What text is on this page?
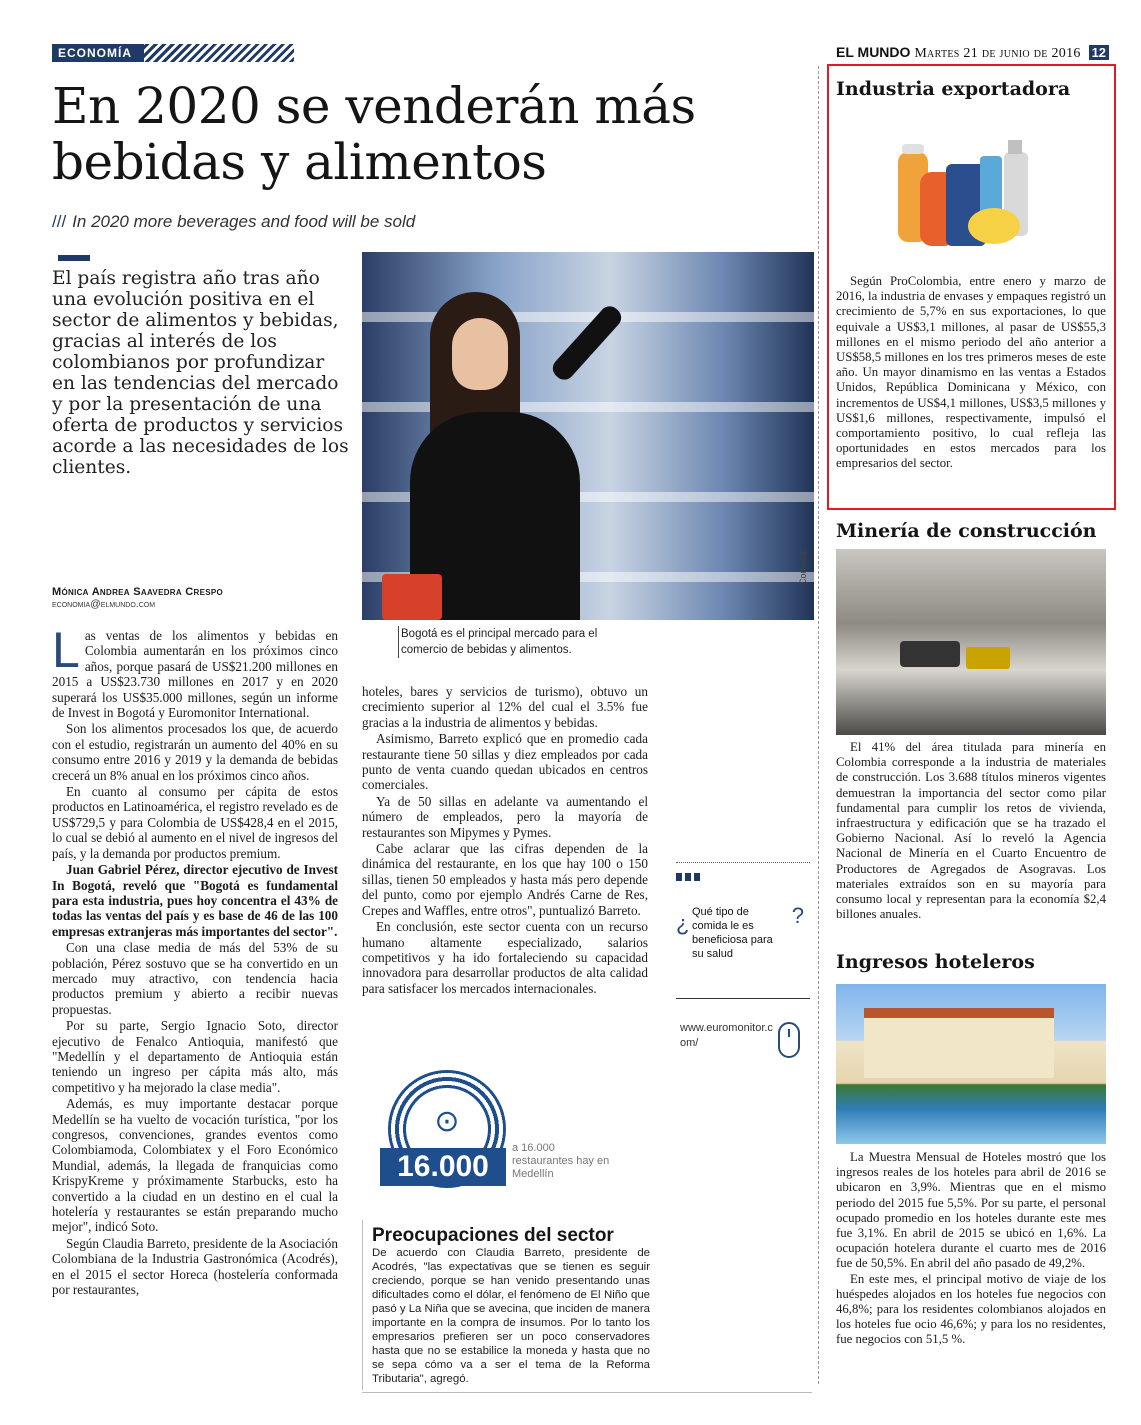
ECONOMÍA	EL MUNDO Martes 21 de junio de 2016 12
En 2020 se venderán más bebidas y alimentos
/// In 2020 more beverages and food will be sold
El país registra año tras año una evolución positiva en el sector de alimentos y bebidas, gracias al interés de los colombianos por profundizar en las tendencias del mercado y por la presentación de una oferta de productos y servicios acorde a las necesidades de los clientes.
Mónica Andrea Saavedra Crespo
economia@elmundo.com

Las ventas de los alimentos y bebidas en Colombia aumentarán en los próximos cinco años, porque pasará de US$21.200 millones en 2015 a US$23.730 millones en 2017 y en 2020 superará los US$35.000 millones, según un informe de Invest in Bogotá y Euromonitor International.

Son los alimentos procesados los que, de acuerdo con el estudio, registrarán un aumento del 40% en su consumo entre 2016 y 2019 y la demanda de bebidas crecerá un 8% anual en los próximos cinco años.

En cuanto al consumo per cápita de estos productos en Latinoamérica, el registro revelado es de US$729,5 y para Colombia de US$428,4 en el 2015, lo cual se debió al aumento en el nivel de ingresos del país, y la demanda por productos premium.

Juan Gabriel Pérez, director ejecutivo de Invest In Bogotá, reveló que "Bogotá es fundamental para esta industria, pues hoy concentra el 43% de todas las ventas del país y es base de 46 de las 100 empresas extranjeras más importantes del sector".

Con una clase media de más del 53% de su población, Pérez sostuvo que se ha convertido en un mercado muy atractivo, con tendencia hacia productos premium y abierto a recibir nuevas propuestas.

Por su parte, Sergio Ignacio Soto, director ejecutivo de Fenalco Antioquia, manifestó que "Medellín y el departamento de Antioquia están teniendo un ingreso per cápita más alto, más competitivo y ha mejorado la clase media".

Además, es muy importante destacar porque Medellín se ha vuelto de vocación turística, "por los congresos, convenciones, grandes eventos como Colombiamoda, Colombiatex y el Foro Económico Mundial, además, la llegada de franquicias como KrispyKreme y próximamente Starbucks, esto ha convertido a la ciudad en un destino en el cual la hotelería y restaurantes se están preparando mucho mejor", indicó Soto.

Según Claudia Barreto, presidente de la Asociación Colombiana de la Industria Gastronómica (Acodrés), en el 2015 el sector Horeca (hostelería conformada por restaurantes,

Cortesía
Bogotá es el principal mercado para el comercio de bebidas y alimentos.

hoteles, bares y servicios de turismo), obtuvo un crecimiento superior al 12% del cual el 3.5% fue gracias a la industria de alimentos y bebidas.

Asimismo, Barreto explicó que en promedio cada restaurante tiene 50 sillas y diez empleados por cada punto de venta cuando quedan ubicados en centros comerciales.

Ya de 50 sillas en adelante va aumentando el número de empleados, pero la mayoría de restaurantes son Mipymes y Pymes.

Cabe aclarar que las cifras dependen de la dinámica del restaurante, en los que hay 100 o 150 sillas, tienen 50 empleados y hasta más pero depende del punto, como por ejemplo Andrés Carne de Res, Crepes and Waffles, entre otros", puntualizó Barreto.

En conclusión, este sector cuenta con un recurso humano altamente especializado, salarios competitivos y ha ido fortaleciendo su capacidad innovadora para desarrollar productos de alta calidad para satisfacer los mercados internacionales.

¿ Qué tipo de comida le es beneficiosa para su salud
?
www.euromonitor.com/
⊙
16.000
a 16.000 restaurantes hay en Medellín
Preocupaciones del sector
De acuerdo con Claudia Barreto, presidente de Acodrés, "las expectativas que se tienen es seguir creciendo, porque se han venido presentando unas dificultades como el dólar, el fenómeno de El Niño que pasó y La Niña que se avecina, que inciden de manera importante en la compra de insumos. Por lo tanto los empresarios prefieren ser un poco conservadores hasta que no se estabilice la moneda y hasta que no se sepa cómo va a ser el tema de la Reforma Tributaria", agregó.
Industria exportadora

Según ProColombia, entre enero y marzo de 2016, la industria de envases y empaques registró un crecimiento de 5,7% en sus exportaciones, lo que equivale a US$3,1 millones, al pasar de US$55,3 millones en el mismo periodo del año anterior a US$58,5 millones en los tres primeros meses de este año. Un mayor dinamismo en las ventas a Estados Unidos, República Dominicana y México, con incrementos de US$4,1 millones, US$3,5 millones y US$1,6 millones, respectivamente, impulsó el comportamiento positivo, lo cual refleja las oportunidades en estos mercados para los empresarios del sector.

Minería de construcción

El 41% del área titulada para minería en Colombia corresponde a la industria de materiales de construcción. Los 3.688 títulos mineros vigentes demuestran la importancia del sector como pilar fundamental para cumplir los retos de vivienda, infraestructura y edificación que se ha trazado el Gobierno Nacional. Así lo reveló la Agencia Nacional de Minería en el Cuarto Encuentro de Productores de Agregados de Asogravas. Los materiales extraídos son en su mayoría para consumo local y representan para la economía $2,4 billones anuales.

Ingresos hoteleros

La Muestra Mensual de Hoteles mostró que los ingresos reales de los hoteles para abril de 2016 se ubicaron en 3,9%. Mientras que en el mismo periodo del 2015 fue 5,5%. Por su parte, el personal ocupado promedio en los hoteles durante este mes fue 3,1%. En abril de 2015 se ubicó en 1,6%. La ocupación hotelera durante el cuarto mes de 2016 fue de 50,5%. En abril del año pasado de 49,2%.

En este mes, el principal motivo de viaje de los huéspedes alojados en los hoteles fue negocios con 46,8%; para los residentes colombianos alojados en los hoteles fue ocio 46,6%; y para los no residentes, fue negocios con 51,5 %.
